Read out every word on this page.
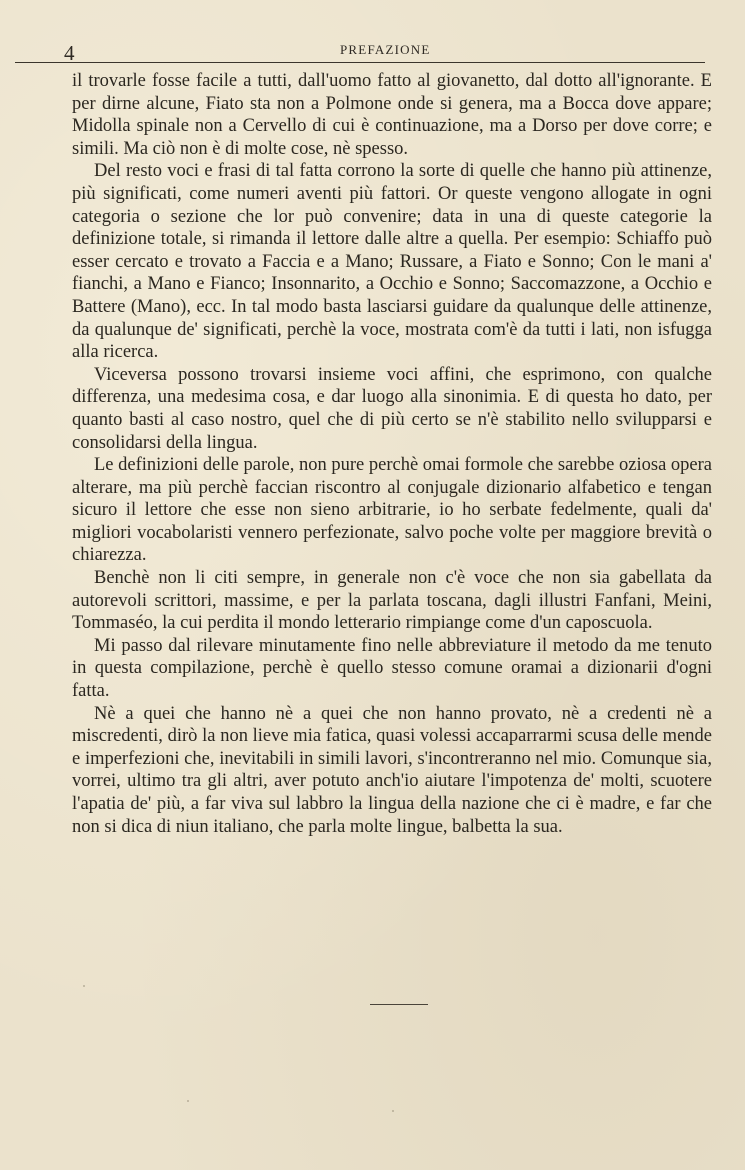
4	PREFAZIONE

il trovarle fosse facile a tutti, dall'uomo fatto al giovanetto, dal dotto all'ignorante. E per dirne alcune, Fiato sta non a Polmone onde si genera, ma a Bocca dove appare; Midolla spinale non a Cervello di cui è continuazione, ma a Dorso per dove corre; e simili. Ma ciò non è di molte cose, nè spesso.

Del resto voci e frasi di tal fatta corrono la sorte di quelle che hanno più attinenze, più significati, come numeri aventi più fattori. Or queste vengono allogate in ogni categoria o sezione che lor può convenire; data in una di queste categorie la definizione totale, si rimanda il lettore dalle altre a quella. Per esempio: Schiaffo può esser cercato e trovato a Faccia e a Mano; Russare, a Fiato e Sonno; Con le mani a' fianchi, a Mano e Fianco; Insonnarito, a Occhio e Sonno; Saccomazzone, a Occhio e Battere (Mano), ecc. In tal modo basta lasciarsi guidare da qualunque delle attinenze, da qualunque de' significati, perchè la voce, mostrata com'è da tutti i lati, non isfugga alla ricerca.

Viceversa possono trovarsi insieme voci affini, che esprimono, con qualche differenza, una medesima cosa, e dar luogo alla sinonimia. E di questa ho dato, per quanto basti al caso nostro, quel che di più certo se n'è stabilito nello svilupparsi e consolidarsi della lingua.

Le definizioni delle parole, non pure perchè omai formole che sarebbe oziosa opera alterare, ma più perchè faccian riscontro al conjugale dizionario alfabetico e tengan sicuro il lettore che esse non sieno arbitrarie, io ho serbate fedelmente, quali da' migliori vocabolaristi vennero perfezionate, salvo poche volte per maggiore brevità o chiarezza.

Benchè non li citi sempre, in generale non c'è voce che non sia gabellata da autorevoli scrittori, massime, e per la parlata toscana, dagli illustri Fanfani, Meini, Tommaséo, la cui perdita il mondo letterario rimpiange come d'un caposcuola.

Mi passo dal rilevare minutamente fino nelle abbreviature il metodo da me tenuto in questa compilazione, perchè è quello stesso comune oramai a dizionarii d'ogni fatta.

Nè a quei che hanno nè a quei che non hanno provato, nè a credenti nè a miscredenti, dirò la non lieve mia fatica, quasi volessi accaparrarmi scusa delle mende e imperfezioni che, inevitabili in simili lavori, s'incontreranno nel mio. Comunque sia, vorrei, ultimo tra gli altri, aver potuto anch'io aiutare l'impotenza de' molti, scuotere l'apatia de' più, a far viva sul labbro la lingua della nazione che ci è madre, e far che non si dica di niun italiano, che parla molte lingue, balbetta la sua.
